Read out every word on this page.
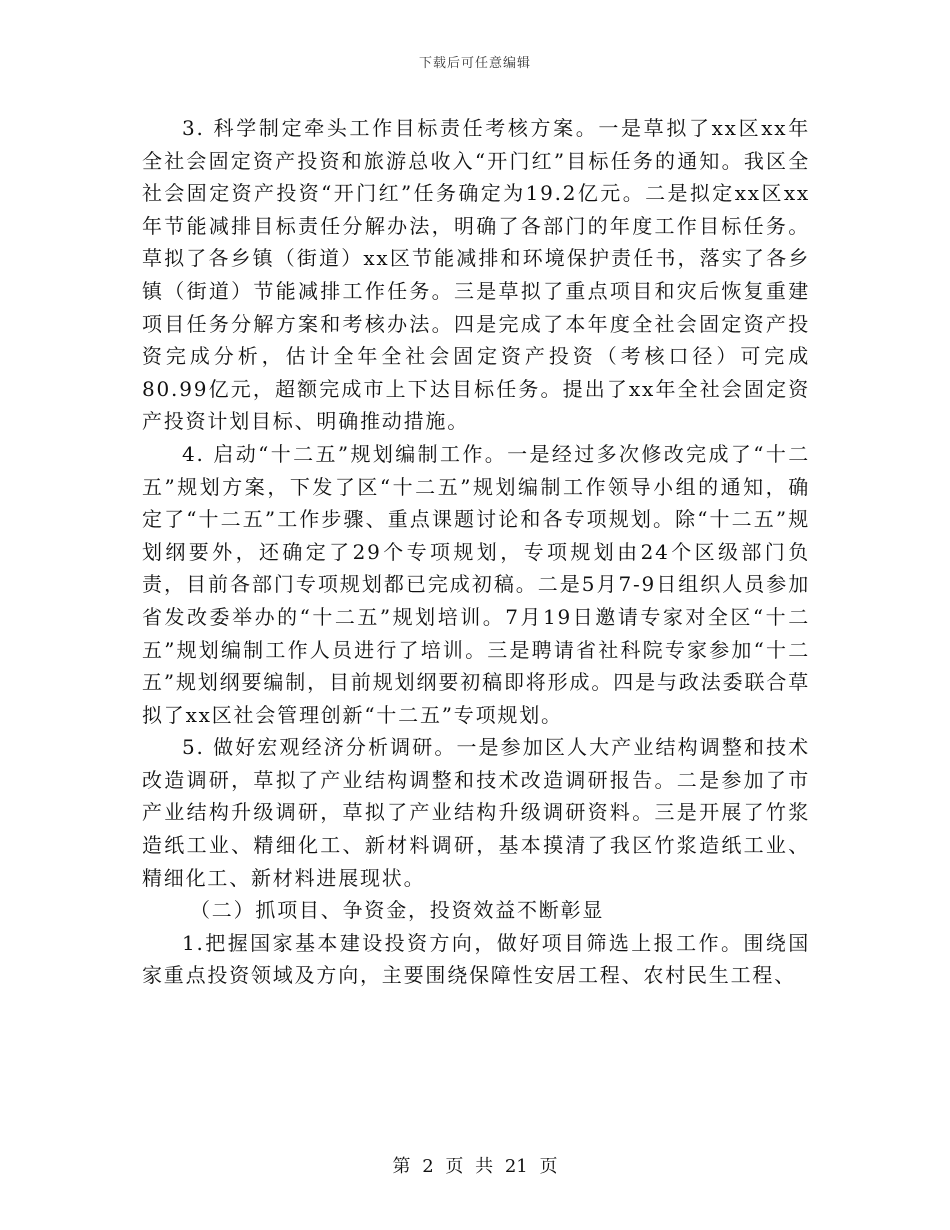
下载后可任意编辑

3. 科学制定牵头工作目标责任考核方案。一是草拟了xx区xx年全社会固定资产投资和旅游总收入“开门红”目标任务的通知。我区全社会固定资产投资“开门红”任务确定为19.2亿元。二是拟定xx区xx年节能减排目标责任分解办法，明确了各部门的年度工作目标任务。草拟了各乡镇（街道）xx区节能减排和环境保护责任书，落实了各乡镇（街道）节能减排工作任务。三是草拟了重点项目和灾后恢复重建项目任务分解方案和考核办法。四是完成了本年度全社会固定资产投资完成分析，估计全年全社会固定资产投资（考核口径）可完成80.99亿元，超额完成市上下达目标任务。提出了xx年全社会固定资产投资计划目标、明确推动措施。

4. 启动“十二五”规划编制工作。一是经过多次修改完成了“十二五”规划方案，下发了区“十二五”规划编制工作领导小组的通知，确定了“十二五”工作步骤、重点课题讨论和各专项规划。除“十二五”规划纲要外，还确定了29个专项规划，专项规划由24个区级部门负责，目前各部门专项规划都已完成初稿。二是5月7-9日组织人员参加省发改委举办的“十二五”规划培训。7月19日邀请专家对全区“十二五”规划编制工作人员进行了培训。三是聘请省社科院专家参加“十二五”规划纲要编制，目前规划纲要初稿即将形成。四是与政法委联合草拟了xx区社会管理创新“十二五”专项规划。

5. 做好宏观经济分析调研。一是参加区人大产业结构调整和技术改造调研，草拟了产业结构调整和技术改造调研报告。二是参加了市产业结构升级调研，草拟了产业结构升级调研资料。三是开展了竹浆造纸工业、精细化工、新材料调研，基本摸清了我区竹浆造纸工业、精细化工、新材料进展现状。

（二）抓项目、争资金，投资效益不断彰显

1.把握国家基本建设投资方向，做好项目筛选上报工作。围绕国家重点投资领域及方向，主要围绕保障性安居工程、农村民生工程、

第 2 页 共 21 页
